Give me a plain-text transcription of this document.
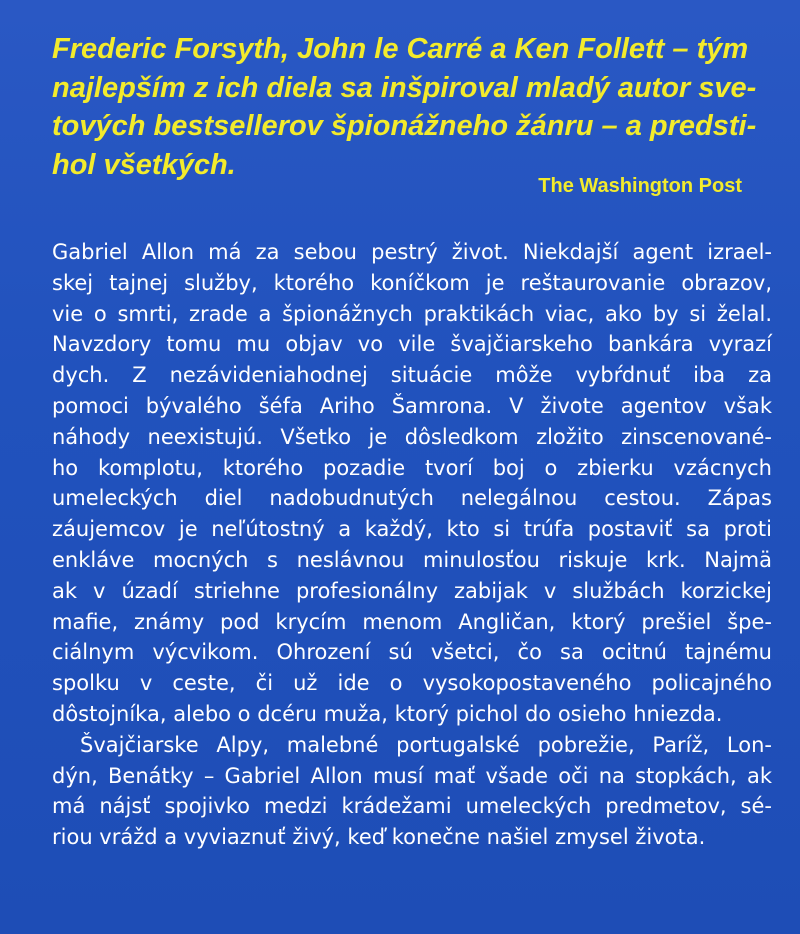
Frederic Forsyth, John le Carré a Ken Follett – tým
najlepším z ich diela sa inšpiroval mladý autor sve-
tových bestsellerov špionážneho žánru – a predsti-
hol všetkých.
The Washington Post
Gabriel Allon má za sebou pestrý život. Niekdajší agent izrael-
skej tajnej služby, ktorého koníčkom je reštaurovanie obrazov,
vie o smrti, zrade a špionážnych praktikách viac, ako by si želal.
Navzdory tomu mu objav vo vile švajčiarskeho bankára vyrazí
dych. Z nezávideniahodnej situácie môže vybŕdnuť iba za
pomoci bývalého šéfa Ariho Šamrona. V živote agentov však
náhody neexistujú. Všetko je dôsledkom zložito zinscenované-
ho komplotu, ktorého pozadie tvorí boj o zbierku vzácnych
umeleckých diel nadobudnutých nelegálnou cestou. Zápas
záujemcov je neľútostný a každý, kto si trúfa postaviť sa proti
enkláve mocných s neslávnou minulosťou riskuje krk. Najmä
ak v úzadí striehne profesionálny zabijak v službách korzickej
mafie, známy pod krycím menom Angličan, ktorý prešiel špe-
ciálnym výcvikom. Ohrození sú všetci, čo sa ocitnú tajnému
spolku v ceste, či už ide o vysokopostaveného policajného
dôstojníka, alebo o dcéru muža, ktorý pichol do osieho hniezda.
Švajčiarske Alpy, malebné portugalské pobrežie, Paríž, Lon-
dýn, Benátky – Gabriel Allon musí mať všade oči na stopkách, ak
má nájsť spojivko medzi krádežami umeleckých predmetov, sé-
riou vrážd a vyviaznuť živý, keď konečne našiel zmysel života.
